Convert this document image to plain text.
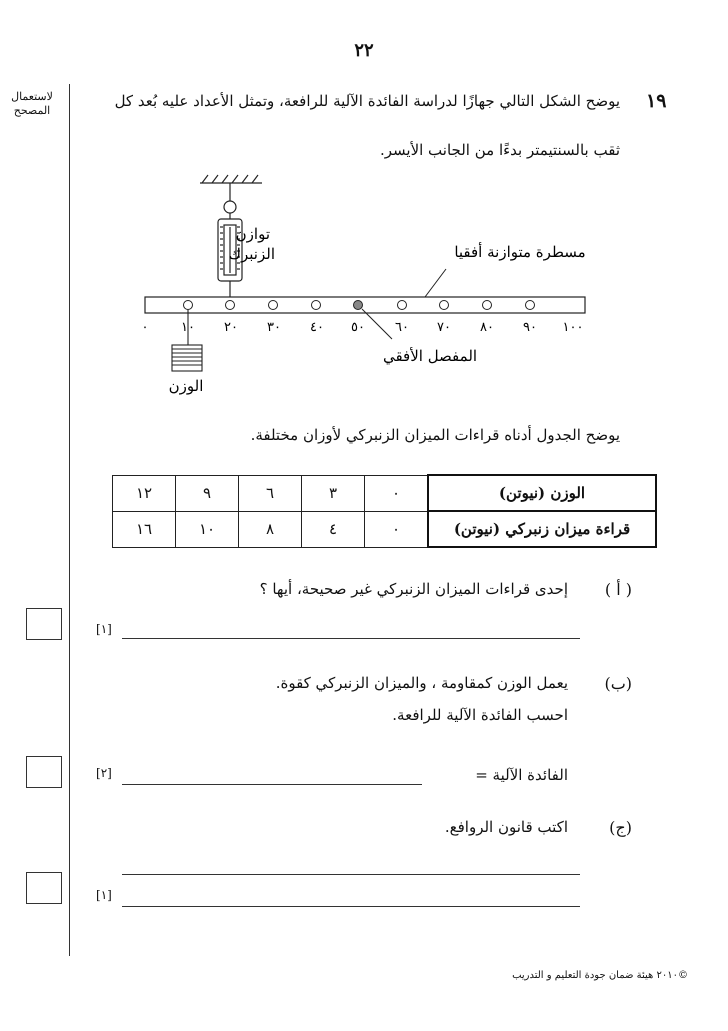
٢٢
لاستعمال المصحح	١٩
يوضح الشكل التالي جهازًا لدراسة الفائدة الآلية للرافعة، وتمثل الأعداد عليه بُعد كل
ثقب بالسنتيمتر بدءًا من الجانب الأيسر.
توازن
الزنبرك	مسطرة متوازنة أفقيا
٠	١٠ ٢٠ ٣٠ ٤٠ ٥٠ ٦٠ ٧٠ ٨٠ ٩٠ ١٠٠
المفصل الأفقي
الوزن
يوضح الجدول أدناه قراءات الميزان الزنبركي لأوزان مختلفة.
الوزن (نيوتن)	٠	٣	٦	٩	١٢
قراءة ميزان زنبركي (نيوتن)	٠	٤	٨	١٠	١٦
( أ )
إحدى قراءات الميزان الزنبركي غير صحيحة، أيها ؟
[١]
(ب)
يعمل الوزن كمقاومة ، والميزان الزنبركي كقوة.
احسب الفائدة الآلية للرافعة.
[٢]	الفائدة الآلية =
(ج)
اكتب قانون الروافع.
[١]
©٢٠١٠ هيئة ضمان جودة التعليم و التدريب
